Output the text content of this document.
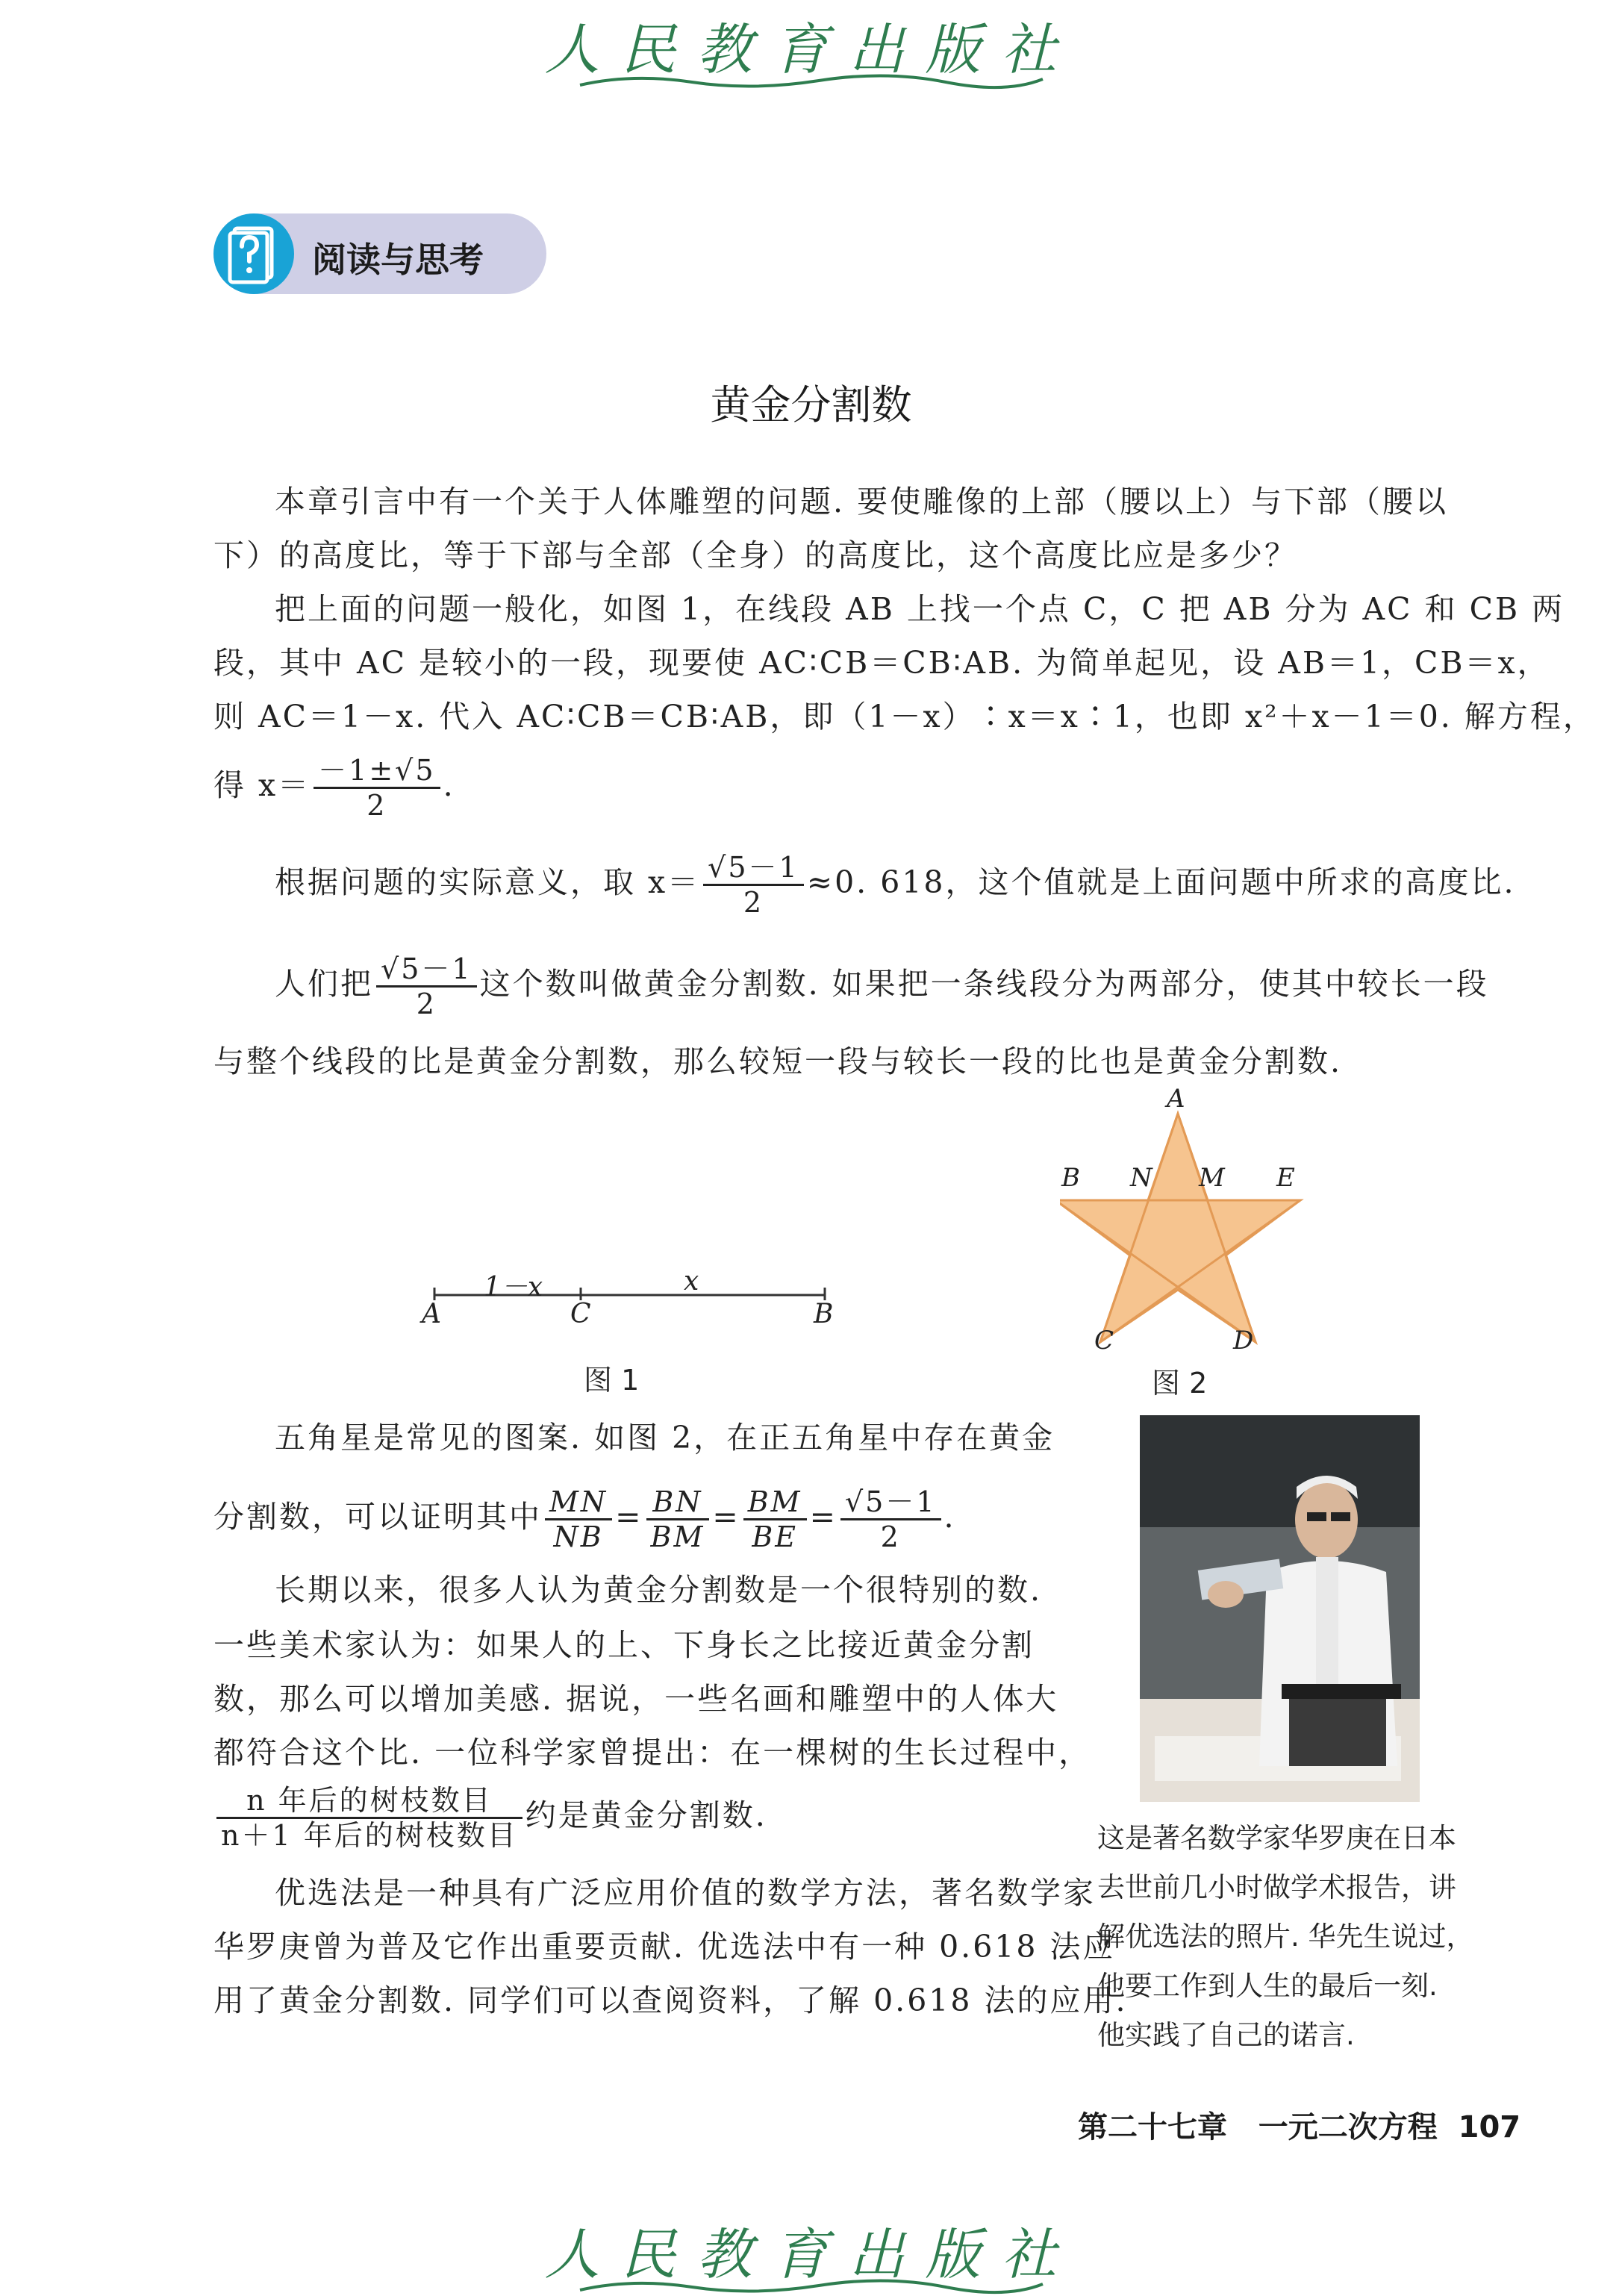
人民教育出版社
阅读与思考
黄金分割数
本章引言中有一个关于人体雕塑的问题. 要使雕像的上部（腰以上）与下部（腰以
下）的高度比，等于下部与全部（全身）的高度比，这个高度比应是多少？
把上面的问题一般化，如图 1，在线段 AB 上找一个点 C，C 把 AB 分为 AC 和 CB 两
段，其中 AC 是较小的一段，现要使 AC∶CB＝CB∶AB. 为简单起见，设 AB＝1，CB＝x，
则 AC＝1－x. 代入 AC∶CB＝CB∶AB，即（1－x）∶x＝x∶1，也即 x²＋x－1＝0. 解方程，
得 $x= \frac{-1\pm√5}{2}$ .
根据问题的实际意义，取 $x= \frac{√5-1}{2} \approx 0$. 618，这个值就是上面问题中所求的高度比.
人们把 $\frac{√5-1}{2}$ 这个数叫做黄金分割数. 如果把一条线段分为两部分，使其中较长一段
与整个线段的比是黄金分割数，那么较短一段与较长一段的比也是黄金分割数.
1－x	x
A	C	B
图 1
A
B N M E
C	D
图 2
五角星是常见的图案. 如图 2，在正五角星中存在黄金
分割数，可以证明其中 $\frac{MN}{NB} = \frac{BN}{BM} = \frac{BM}{BE} = \frac{√5-1}{2}$ .
长期以来，很多人认为黄金分割数是一个很特别的数.
一些美术家认为：如果人的上、下身长之比接近黄金分割
数，那么可以增加美感. 据说，一些名画和雕塑中的人体大
都符合这个比. 一位科学家曾提出：在一棵树的生长过程中，
$\frac{\text{n 年后的树枝数目}}{\text{n＋1 年后的树枝数目}}$ 约是黄金分割数.
优选法是一种具有广泛应用价值的数学方法，著名数学家
华罗庚曾为普及它作出重要贡献. 优选法中有一种 0.618 法应
用了黄金分割数. 同学们可以查阅资料，了解 0.618 法的应用.
这是著名数学家华罗庚在日本
去世前几小时做学术报告，讲
解优选法的照片. 华先生说过，
他要工作到人生的最后一刻.
他实践了自己的诺言.
第二十七章 一元二次方程 107
人民教育出版社
